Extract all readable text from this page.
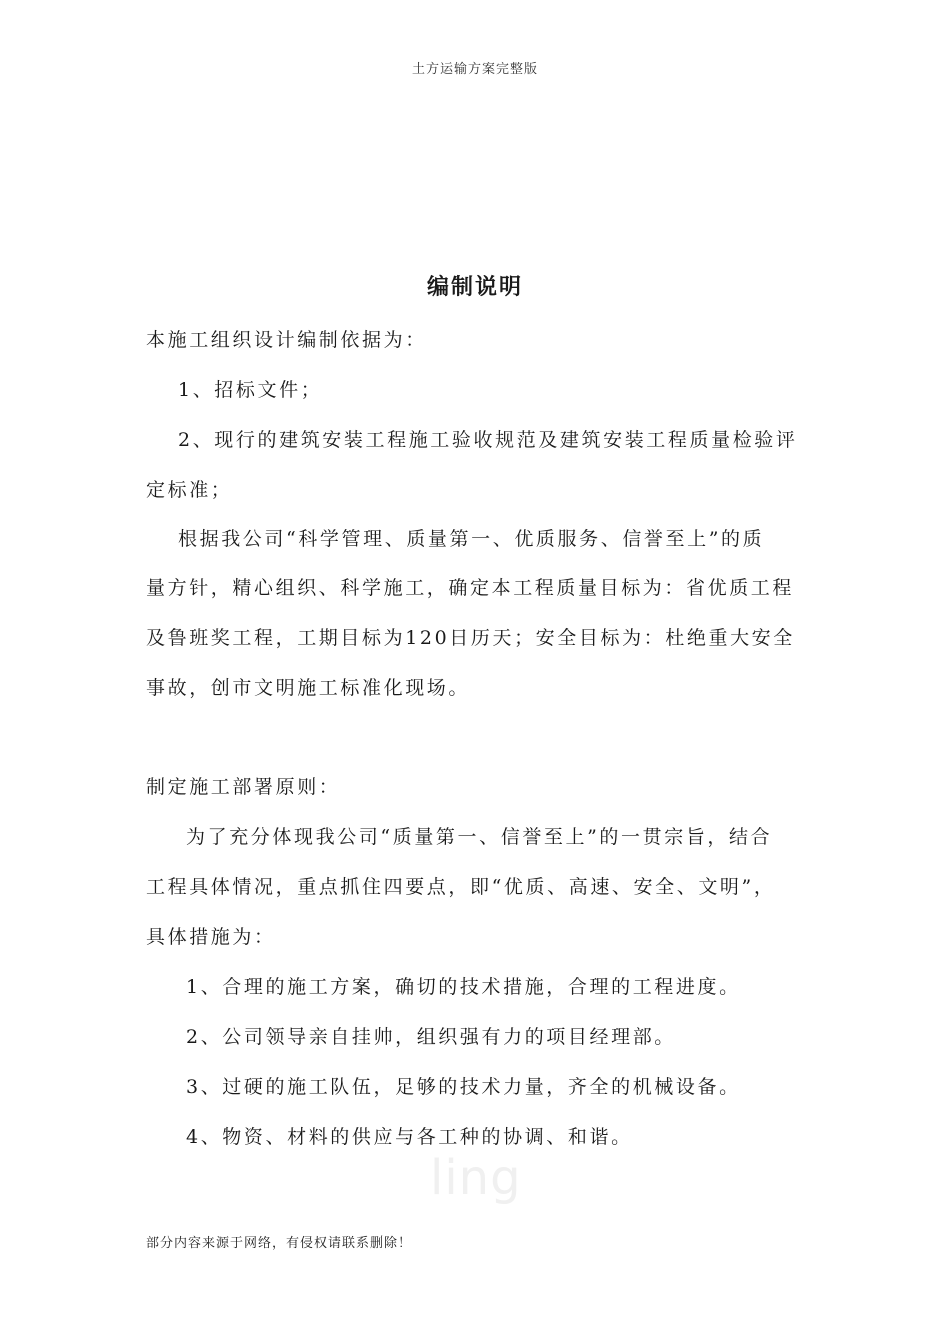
土方运输方案完整版
编制说明
本施工组织设计编制依据为：
1、招标文件；
2、现行的建筑安装工程施工验收规范及建筑安装工程质量检验评
定标准；
根据我公司“科学管理、质量第一、优质服务、信誉至上”的质
量方针，精心组织、科学施工，确定本工程质量目标为：省优质工程
及鲁班奖工程，工期目标为120日历天；安全目标为：杜绝重大安全
事故，创市文明施工标准化现场。
制定施工部署原则：
为了充分体现我公司“质量第一、信誉至上”的一贯宗旨，结合
工程具体情况，重点抓住四要点，即“优质、高速、安全、文明”，
具体措施为：
1、合理的施工方案，确切的技术措施，合理的工程进度。
2、公司领导亲自挂帅，组织强有力的项目经理部。
3、过硬的施工队伍，足够的技术力量，齐全的机械设备。
4、物资、材料的供应与各工种的协调、和谐。
ling
部分内容来源于网络，有侵权请联系删除！
